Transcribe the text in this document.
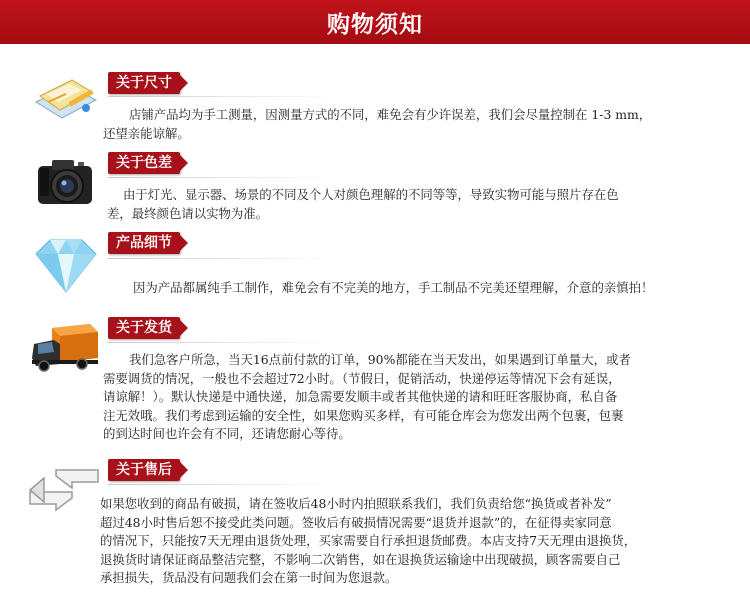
购物须知
关于尺寸
店铺产品均为手工测量，因测量方式的不同，难免会有少许误差，我们会尽量控制在 1-3 mm，
还望亲能谅解。
关于色差
由于灯光、显示器、场景的不同及个人对颜色理解的不同等等，导致实物可能与照片存在色
差，最终颜色请以实物为准。
产品细节
因为产品都属纯手工制作，难免会有不完美的地方，手工制品不完美还望理解，介意的亲慎拍！
关于发货
我们急客户所急，当天16点前付款的订单，90%都能在当天发出，如果遇到订单量大，或者
需要调货的情况，一般也不会超过72小时。（节假日，促销活动，快递停运等情况下会有延误，
请谅解！）。默认快递是中通快递，加急需要发顺丰或者其他快递的请和旺旺客服协商，私自备
注无效哦。我们考虑到运输的安全性，如果您购买多样，有可能仓库会为您发出两个包裹，包裹
的到达时间也许会有不同，还请您耐心等待。
关于售后
如果您收到的商品有破损，请在签收后48小时内拍照联系我们，我们负责给您“换货或者补发”
超过48小时售后恕不接受此类问题。签收后有破损情况需要“退货并退款”的，在征得卖家同意
的情况下，只能按7天无理由退货处理，买家需要自行承担退货邮费。本店支持7天无理由退换货，
退换货时请保证商品整洁完整，不影响二次销售，如在退换货运输途中出现破损，顾客需要自己
承担损失，货品没有问题我们会在第一时间为您退款。
